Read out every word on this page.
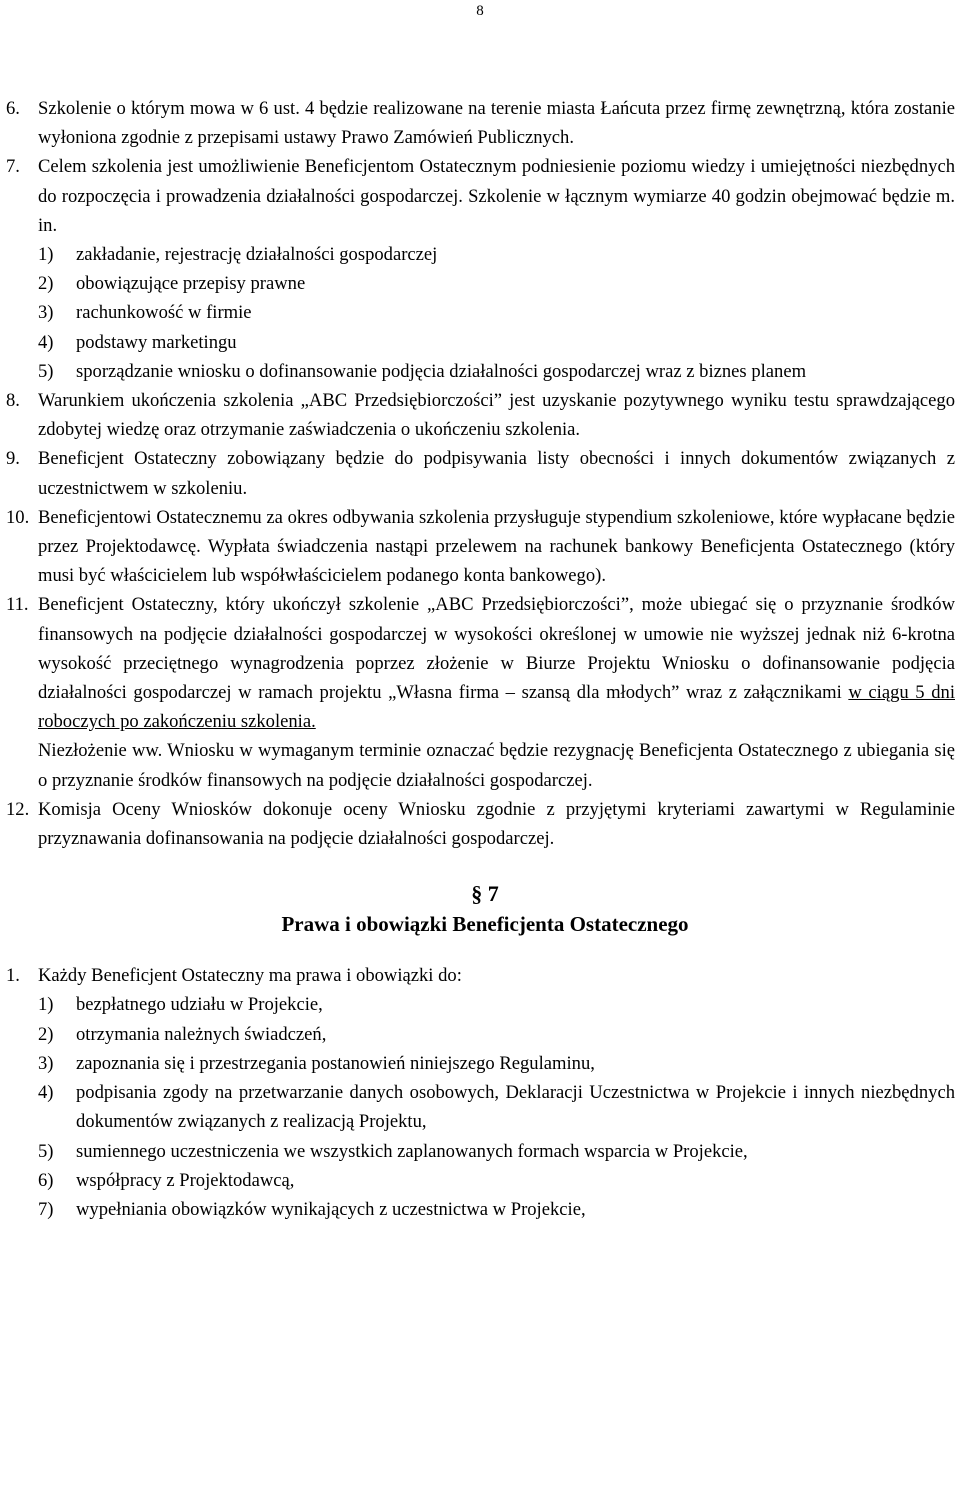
8
6. Szkolenie o którym mowa w 6 ust. 4 będzie realizowane na terenie miasta Łańcuta przez firmę zewnętrzną, która zostanie wyłoniona zgodnie z przepisami ustawy Prawo Zamówień Publicznych.
7. Celem szkolenia jest umożliwienie Beneficjentom Ostatecznym podniesienie poziomu wiedzy i umiejętności niezbędnych do rozpoczęcia i prowadzenia działalności gospodarczej. Szkolenie w łącznym wymiarze 40 godzin obejmować będzie m. in.
1) zakładanie, rejestrację działalności gospodarczej
2) obowiązujące przepisy prawne
3) rachunkowość w firmie
4) podstawy marketingu
5) sporządzanie wniosku o dofinansowanie podjęcia działalności gospodarczej wraz z biznes planem
8. Warunkiem ukończenia szkolenia „ABC Przedsiębiorczości” jest uzyskanie pozytywnego wyniku testu sprawdzającego zdobytej wiedzę oraz otrzymanie zaświadczenia o ukończeniu szkolenia.
9. Beneficjent Ostateczny zobowiązany będzie do podpisywania listy obecności i innych dokumentów związanych z uczestnictwem w szkoleniu.
10. Beneficjentowi Ostatecznemu za okres odbywania szkolenia przysługuje stypendium szkoleniowe, które wypłacane będzie przez Projektodawcę. Wypłata świadczenia nastąpi przelewem na rachunek bankowy Beneficjenta Ostatecznego (który musi być właścicielem lub współwłaścicielem podanego konta bankowego).
11. Beneficjent Ostateczny, który ukończył szkolenie „ABC Przedsiębiorczości”, może ubiegać się o przyznanie środków finansowych na podjęcie działalności gospodarczej w wysokości określonej w umowie nie wyższej jednak niż 6-krotna wysokość przeciętnego wynagrodzenia poprzez złożenie w Biurze Projektu Wniosku o dofinansowanie podjęcia działalności gospodarczej w ramach projektu „Własna firma – szansą dla młodych” wraz z załącznikami w ciągu 5 dni roboczych po zakończeniu szkolenia.
Niezłożenie ww. Wniosku w wymaganym terminie oznaczać będzie rezygnację Beneficjenta Ostatecznego z ubiegania się o przyznanie środków finansowych na podjęcie działalności gospodarczej.
12. Komisja Oceny Wniosków dokonuje oceny Wniosku zgodnie z przyjętymi kryteriami zawartymi w Regulaminie przyznawania dofinansowania na podjęcie działalności gospodarczej.
§ 7
Prawa i obowiązki Beneficjenta Ostatecznego
1. Każdy Beneficjent Ostateczny ma prawa i obowiązki do:
1) bezpłatnego udziału w Projekcie,
2) otrzymania należnych świadczeń,
3) zapoznania się i przestrzegania postanowień niniejszego Regulaminu,
4) podpisania zgody na przetwarzanie danych osobowych, Deklaracji Uczestnictwa w Projekcie i innych niezbędnych dokumentów związanych z realizacją Projektu,
5) sumiennego uczestniczenia we wszystkich zaplanowanych formach wsparcia w Projekcie,
6) współpracy z Projektodawcą,
7) wypełniania obowiązków wynikających z uczestnictwa w Projekcie,
